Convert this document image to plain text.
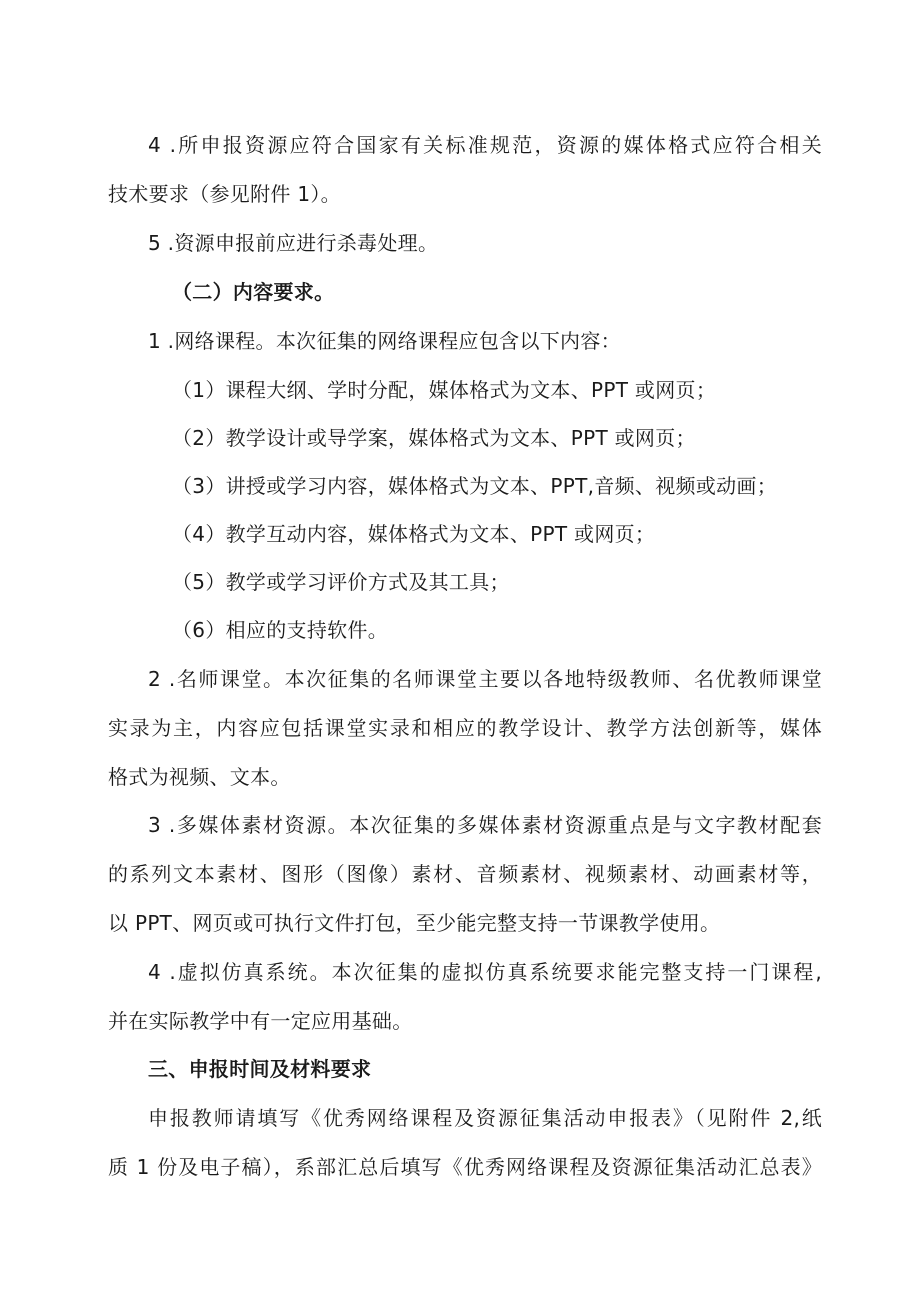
4 .所申报资源应符合国家有关标准规范，资源的媒体格式应符合相关
技术要求（参见附件 1）。
5 .资源申报前应进行杀毒处理。
（二）内容要求。
1 .网络课程。本次征集的网络课程应包含以下内容：
（1）课程大纲、学时分配，媒体格式为文本、PPT 或网页；
（2）教学设计或导学案，媒体格式为文本、PPT 或网页；
（3）讲授或学习内容，媒体格式为文本、PPT,音频、视频或动画；
（4）教学互动内容，媒体格式为文本、PPT 或网页；
（5）教学或学习评价方式及其工具；
（6）相应的支持软件。
2 .名师课堂。本次征集的名师课堂主要以各地特级教师、名优教师课堂
实录为主，内容应包括课堂实录和相应的教学设计、教学方法创新等，媒体
格式为视频、文本。
3 .多媒体素材资源。本次征集的多媒体素材资源重点是与文字教材配套
的系列文本素材、图形（图像）素材、音频素材、视频素材、动画素材等，
以 PPT、网页或可执行文件打包，至少能完整支持一节课教学使用。
4 .虚拟仿真系统。本次征集的虚拟仿真系统要求能完整支持一门课程,
并在实际教学中有一定应用基础。
三、申报时间及材料要求
申报教师请填写《优秀网络课程及资源征集活动申报表》（见附件 2,纸
质 1 份及电子稿），系部汇总后填写《优秀网络课程及资源征集活动汇总表》
